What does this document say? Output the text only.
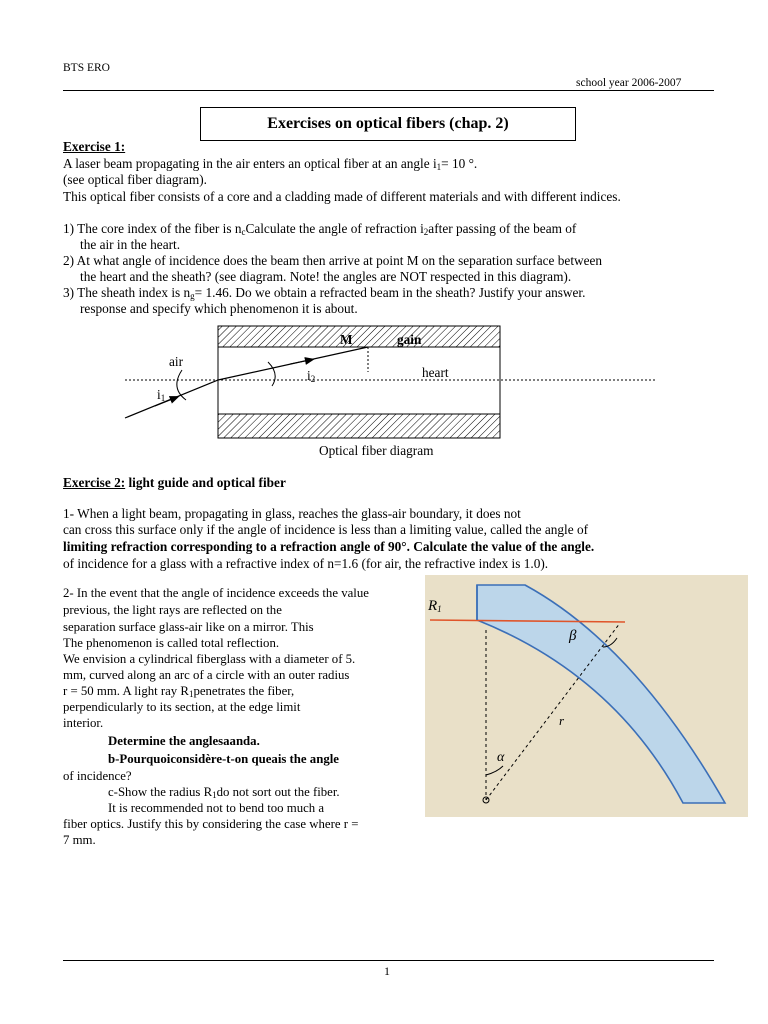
BTS ERO
school year 2006-2007
Exercises on optical fibers (chap. 2)
Exercise 1:
A laser beam propagating in the air enters an optical fiber at an angle $i_1= 10$ °.
(see optical fiber diagram).
This optical fiber consists of a core and a cladding made of different materials and with different indices.
1) The core index of the fiber is $n_cCalculate$ the angle of refraction $i_2after$ passing of the beam of
the air in the heart.
2) At what angle of incidence does the beam then arrive at point M on the separation surface between
the heart and the sheath? (see diagram. Note! the angles are NOT respected in this diagram).
3) The sheath index is $n_g= 1.46$. Do we obtain a refracted beam in the sheath? Justify your answer.
response and specify which phenomenon it is about.
M	gain
air
heart
$i_1$
$i_2$
Optical fiber diagram
Exercise 2: light guide and optical fiber
1- When a light beam, propagating in glass, reaches the glass-air boundary, it does not
can cross this surface only if the angle of incidence is less than a limiting value, called the angle of
limiting refraction corresponding to a refraction angle of 90°. Calculate the value of the angle.
of incidence for a glass with a refractive index of n=1.6 (for air, the refractive index is 1.0).
2- In the event that the angle of incidence exceeds the value
previous, the light rays are reflected on the
separation surface glass-air like on a mirror. This
The phenomenon is called total reflection.
We envision a cylindrical fiberglass with a diameter of 5.
mm, curved along an arc of a circle with an outer radius
r = 50 mm. A light ray $R_1penetrates$ the fiber,
perpendicularly to its section, at the edge limit
interior.
Determine the anglesaanda.
b-Pourquoiconsidère-t-on queais the angle
of incidence?
c-Show the radius $R_1do$ not sort out the fiber.
It is recommended not to bend too much a
fiber optics. Justify this by considering the case where r =
7 mm.
$R_1$
β
r
α
1
